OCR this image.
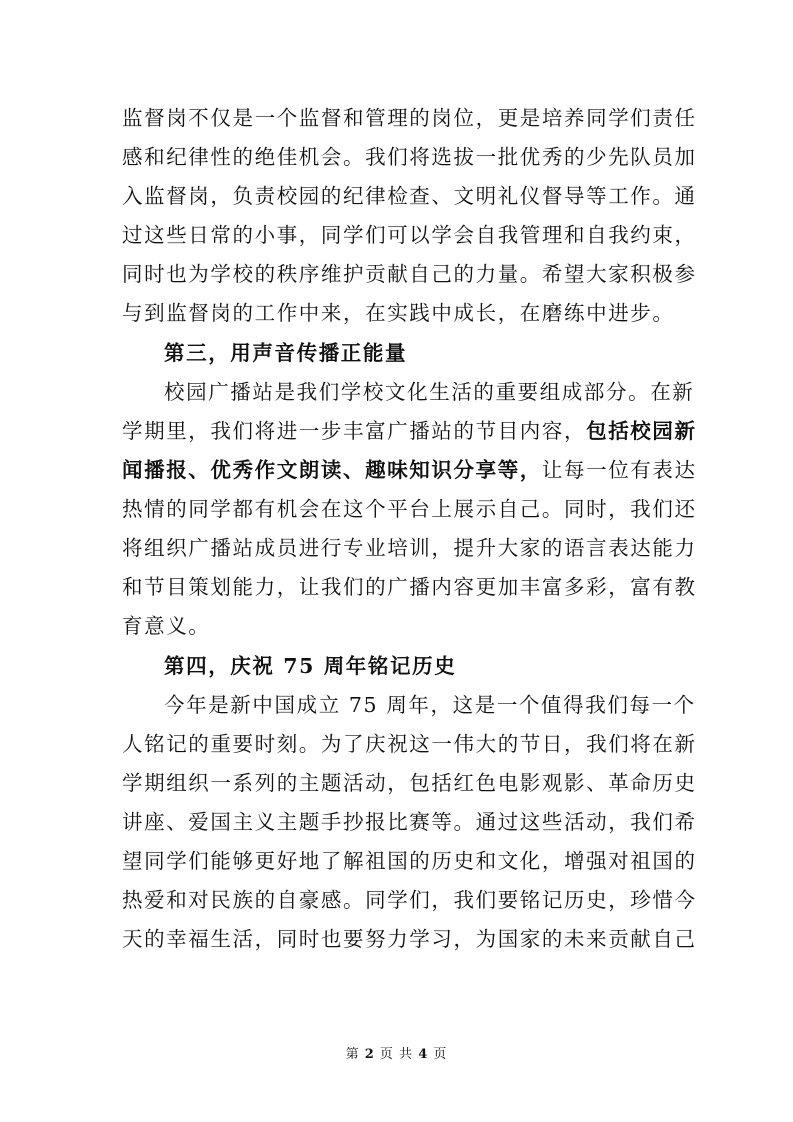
监督岗不仅是一个监督和管理的岗位，更是培养同学们责任
感和纪律性的绝佳机会。我们将选拔一批优秀的少先队员加
入监督岗，负责校园的纪律检查、文明礼仪督导等工作。通
过这些日常的小事，同学们可以学会自我管理和自我约束，
同时也为学校的秩序维护贡献自己的力量。希望大家积极参
与到监督岗的工作中来，在实践中成长，在磨练中进步。
第三，用声音传播正能量
校园广播站是我们学校文化生活的重要组成部分。在新
学期里，我们将进一步丰富广播站的节目内容，包括校园新
闻播报、优秀作文朗读、趣味知识分享等，让每一位有表达
热情的同学都有机会在这个平台上展示自己。同时，我们还
将组织广播站成员进行专业培训，提升大家的语言表达能力
和节目策划能力，让我们的广播内容更加丰富多彩，富有教
育意义。
第四，庆祝 75 周年铭记历史
今年是新中国成立 75 周年，这是一个值得我们每一个
人铭记的重要时刻。为了庆祝这一伟大的节日，我们将在新
学期组织一系列的主题活动，包括红色电影观影、革命历史
讲座、爱国主义主题手抄报比赛等。通过这些活动，我们希
望同学们能够更好地了解祖国的历史和文化，增强对祖国的
热爱和对民族的自豪感。同学们，我们要铭记历史，珍惜今
天的幸福生活，同时也要努力学习，为国家的未来贡献自己
第 2 页 共 4 页
